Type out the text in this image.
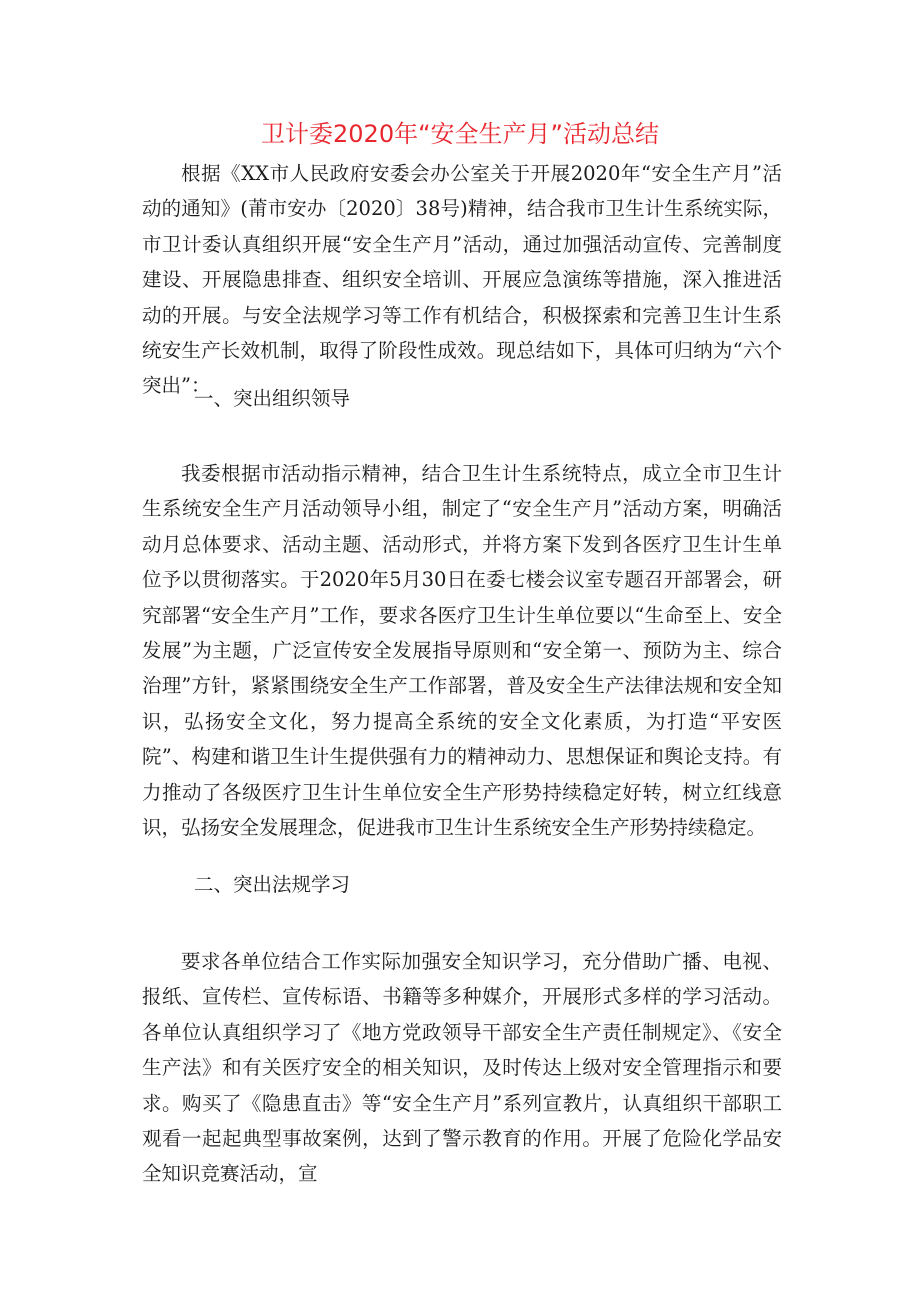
卫计委2020年“安全生产月”活动总结

根据《XX市人民政府安委会办公室关于开展2020年“安全生产月”活动的通知》(莆市安办〔2020〕38号)精神，结合我市卫生计生系统实际，市卫计委认真组织开展“安全生产月”活动，通过加强活动宣传、完善制度建设、开展隐患排查、组织安全培训、开展应急演练等措施，深入推进活动的开展。与安全法规学习等工作有机结合，积极探索和完善卫生计生系统安生产长效机制，取得了阶段性成效。现总结如下，具体可归纳为“六个突出”：

一、突出组织领导

我委根据市活动指示精神，结合卫生计生系统特点，成立全市卫生计生系统安全生产月活动领导小组，制定了“安全生产月”活动方案，明确活动月总体要求、活动主题、活动形式，并将方案下发到各医疗卫生计生单位予以贯彻落实。于2020年5月30日在委七楼会议室专题召开部署会，研究部署“安全生产月”工作，要求各医疗卫生计生单位要以“生命至上、安全发展”为主题，广泛宣传安全发展指导原则和“安全第一、预防为主、综合治理”方针，紧紧围绕安全生产工作部署，普及安全生产法律法规和安全知识，弘扬安全文化，努力提高全系统的安全文化素质，为打造“平安医院”、构建和谐卫生计生提供强有力的精神动力、思想保证和舆论支持。有力推动了各级医疗卫生计生单位安全生产形势持续稳定好转，树立红线意识，弘扬安全发展理念，促进我市卫生计生系统安全生产形势持续稳定。

二、突出法规学习

要求各单位结合工作实际加强安全知识学习，充分借助广播、电视、报纸、宣传栏、宣传标语、书籍等多种媒介，开展形式多样的学习活动。各单位认真组织学习了《地方党政领导干部安全生产责任制规定》、《安全生产法》和有关医疗安全的相关知识，及时传达上级对安全管理指示和要求。购买了《隐患直击》等“安全生产月”系列宣教片，认真组织干部职工观看一起起典型事故案例，达到了警示教育的作用。开展了危险化学品安全知识竞赛活动，宣
